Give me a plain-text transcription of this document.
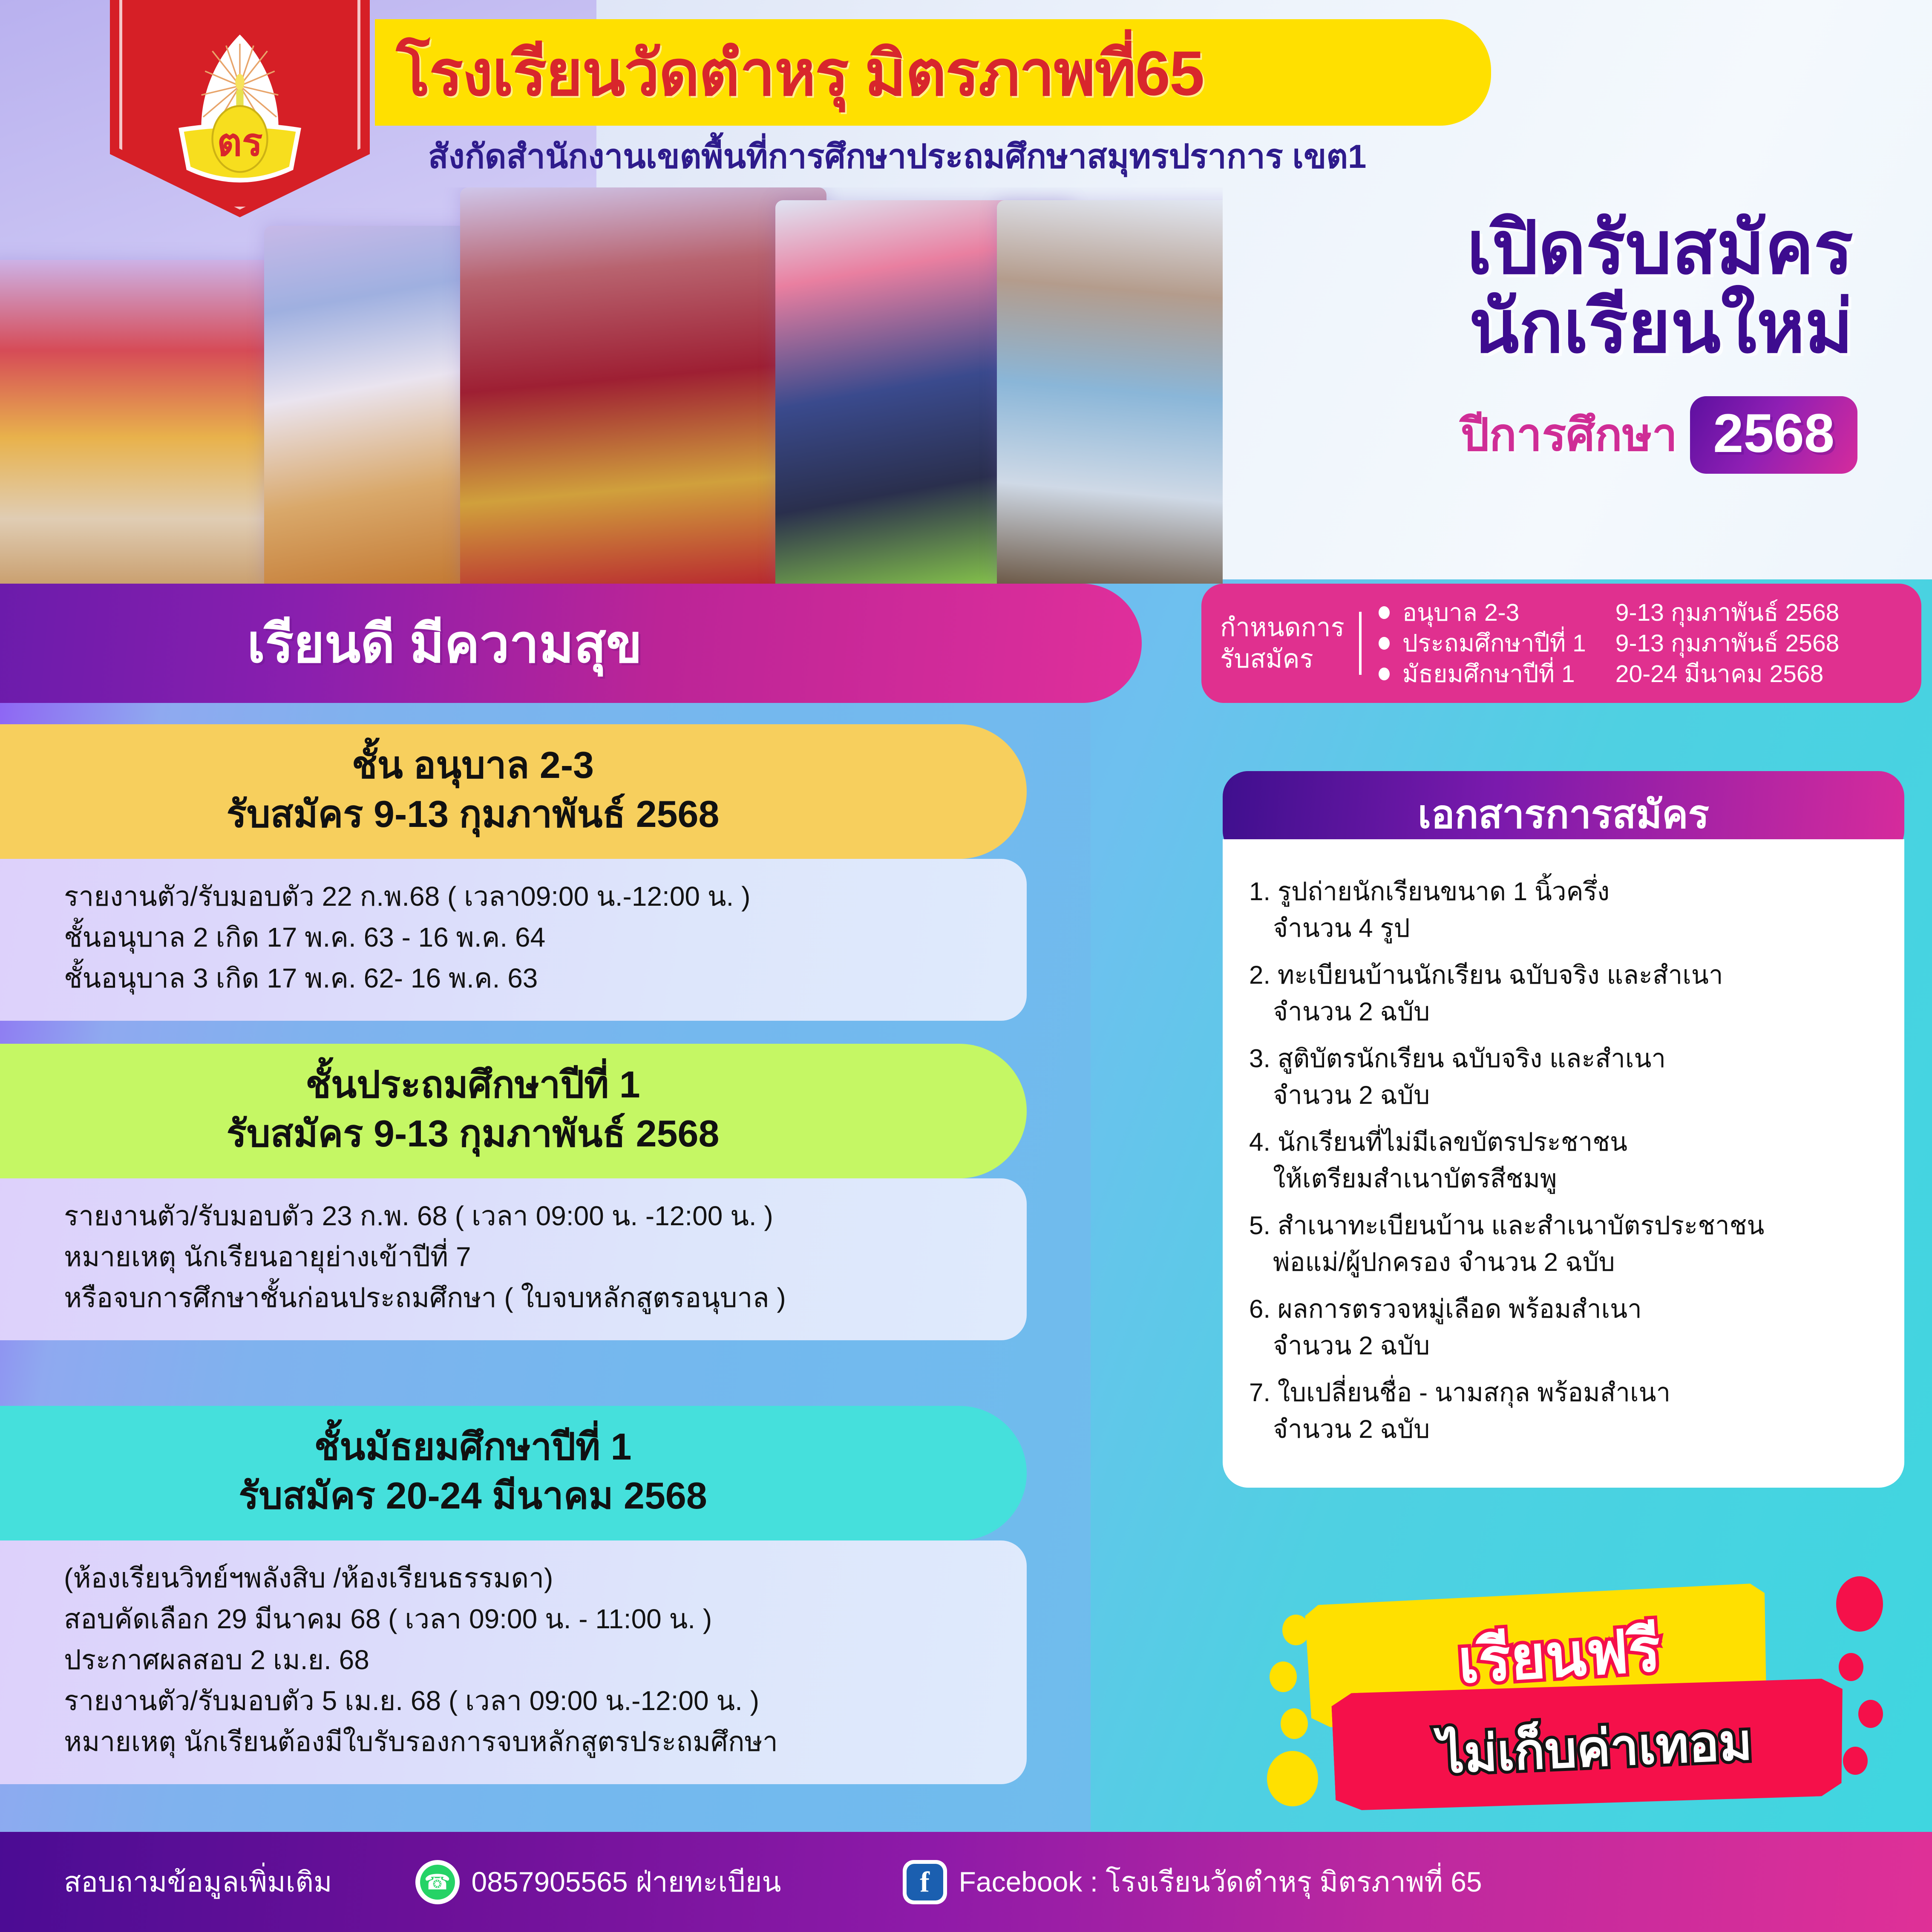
ตร
โรงเรียนวัดตำหรุ มิตรภาพที่65
สังกัดสำนักงานเขตพื้นที่การศึกษาประถมศึกษาสมุทรปราการ เขต1
เปิดรับสมัคร
นักเรียนใหม่
ปีการศึกษา 2568
เรียนดี มีความสุข	กำหนดการ
รับสมัคร
อนุบาล 2-3	9-13 กุมภาพันธ์ 2568
ประถมศึกษาปีที่ 1	9-13 กุมภาพันธ์ 2568
มัธยมศึกษาปีที่ 1	20-24 มีนาคม 2568
ชั้น อนุบาล 2-3
รับสมัคร 9-13 กุมภาพันธ์ 2568
รายงานตัว/รับมอบตัว 22 ก.พ.68 ( เวลา09:00 น.-12:00 น. )
ชั้นอนุบาล 2 เกิด 17 พ.ค. 63 - 16 พ.ค. 64
ชั้นอนุบาล 3 เกิด 17 พ.ค. 62- 16 พ.ค. 63
ชั้นประถมศึกษาปีที่ 1
รับสมัคร 9-13 กุมภาพันธ์ 2568
รายงานตัว/รับมอบตัว 23 ก.พ. 68 ( เวลา 09:00 น. -12:00 น. )
หมายเหตุ นักเรียนอายุย่างเข้าปีที่ 7
หรือจบการศึกษาชั้นก่อนประถมศึกษา ( ใบจบหลักสูตรอนุบาล )
ชั้นมัธยมศึกษาปีที่ 1
รับสมัคร 20-24 มีนาคม 2568
(ห้องเรียนวิทย์ฯพลังสิบ /ห้องเรียนธรรมดา)
สอบคัดเลือก 29 มีนาคม 68 ( เวลา 09:00 น. - 11:00 น. )
ประกาศผลสอบ 2 เม.ย. 68
รายงานตัว/รับมอบตัว 5 เม.ย. 68 ( เวลา 09:00 น.-12:00 น. )
หมายเหตุ นักเรียนต้องมีใบรับรองการจบหลักสูตรประถมศึกษา
เอกสารการสมัคร
1. รูปถ่ายนักเรียนขนาด 1 นิ้วครึ่ง
จำนวน 4 รูป
2. ทะเบียนบ้านนักเรียน ฉบับจริง และสำเนา
จำนวน 2 ฉบับ
3. สูติบัตรนักเรียน ฉบับจริง และสำเนา
จำนวน 2 ฉบับ
4. นักเรียนที่ไม่มีเลขบัตรประชาชน
ให้เตรียมสำเนาบัตรสีชมพู
5. สำเนาทะเบียนบ้าน และสำเนาบัตรประชาชน
พ่อแม่/ผู้ปกครอง จำนวน 2 ฉบับ
6. ผลการตรวจหมู่เลือด พร้อมสำเนา
จำนวน 2 ฉบับ
7. ใบเปลี่ยนชื่อ - นามสกุล พร้อมสำเนา
จำนวน 2 ฉบับ
เรียนฟรี
ไม่เก็บค่าเทอม
สอบถามข้อมูลเพิ่มเติม	☎ 0857905565 ฝ่ายทะเบียน	f	Facebook : โรงเรียนวัดตำหรุ มิตรภาพที่ 65
